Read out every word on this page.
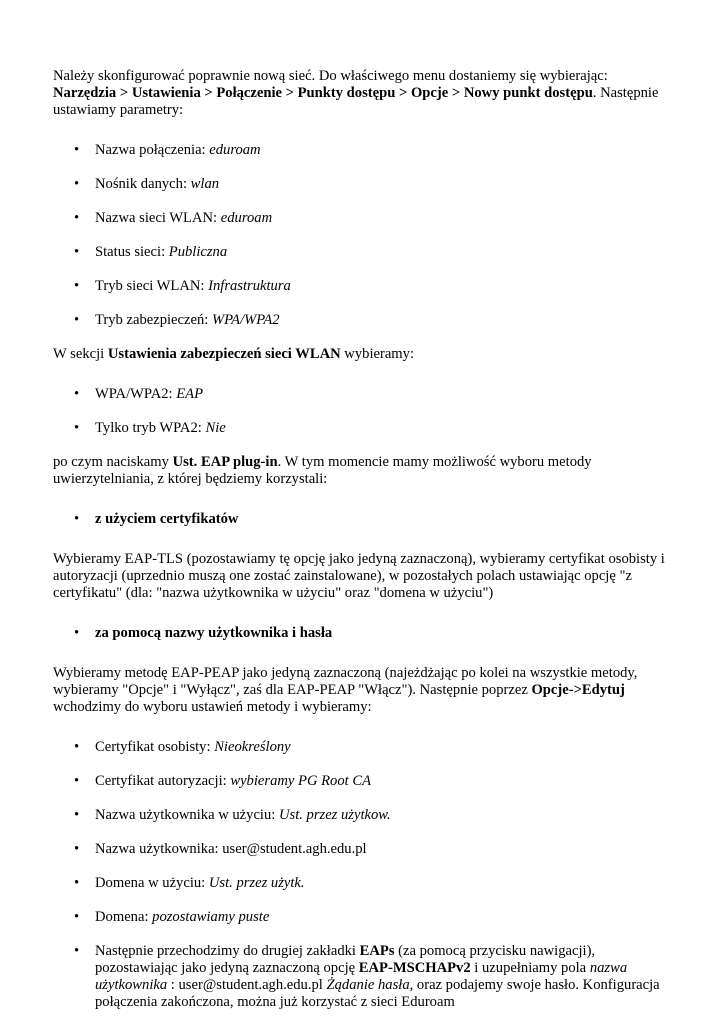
Należy skonfigurować poprawnie nową sieć. Do właściwego menu dostaniemy się wybierając: Narzędzia > Ustawienia > Połączenie > Punkty dostępu > Opcje > Nowy punkt dostępu. Następnie ustawiamy parametry:

• Nazwa połączenia: eduroam
• Nośnik danych: wlan
• Nazwa sieci WLAN: eduroam
• Status sieci: Publiczna
• Tryb sieci WLAN: Infrastruktura
• Tryb zabezpieczeń: WPA/WPA2

W sekcji Ustawienia zabezpieczeń sieci WLAN wybieramy:

• WPA/WPA2: EAP
• Tylko tryb WPA2: Nie

po czym naciskamy Ust. EAP plug-in. W tym momencie mamy możliwość wyboru metody uwierzytelniania, z której będziemy korzystali:

• z użyciem certyfikatów

Wybieramy EAP-TLS (pozostawiamy tę opcję jako jedyną zaznaczoną), wybieramy certyfikat osobisty i autoryzacji (uprzednio muszą one zostać zainstalowane), w pozostałych polach ustawiając opcję "z certyfikatu" (dla: "nazwa użytkownika w użyciu" oraz "domena w użyciu")

• za pomocą nazwy użytkownika i hasła

Wybieramy metodę EAP-PEAP jako jedyną zaznaczoną (najeżdżając po kolei na wszystkie metody, wybieramy "Opcje" i "Wyłącz", zaś dla EAP-PEAP "Włącz"). Następnie poprzez Opcje->Edytuj wchodzimy do wyboru ustawień metody i wybieramy:

• Certyfikat osobisty: Nieokreślony
• Certyfikat autoryzacji: wybieramy PG Root CA
• Nazwa użytkownika w użyciu: Ust. przez użytkow.
• Nazwa użytkownika: user@student.agh.edu.pl
• Domena w użyciu: Ust. przez użytk.
• Domena: pozostawiamy puste
• Następnie przechodzimy do drugiej zakładki EAPs (za pomocą przycisku nawigacji), pozostawiając jako jedyną zaznaczoną opcję EAP-MSCHAPv2 i uzupełniamy pola nazwa użytkownika : user@student.agh.edu.pl Żądanie hasła, oraz podajemy swoje hasło. Konfiguracja połączenia zakończona, można już korzystać z sieci Eduroam
